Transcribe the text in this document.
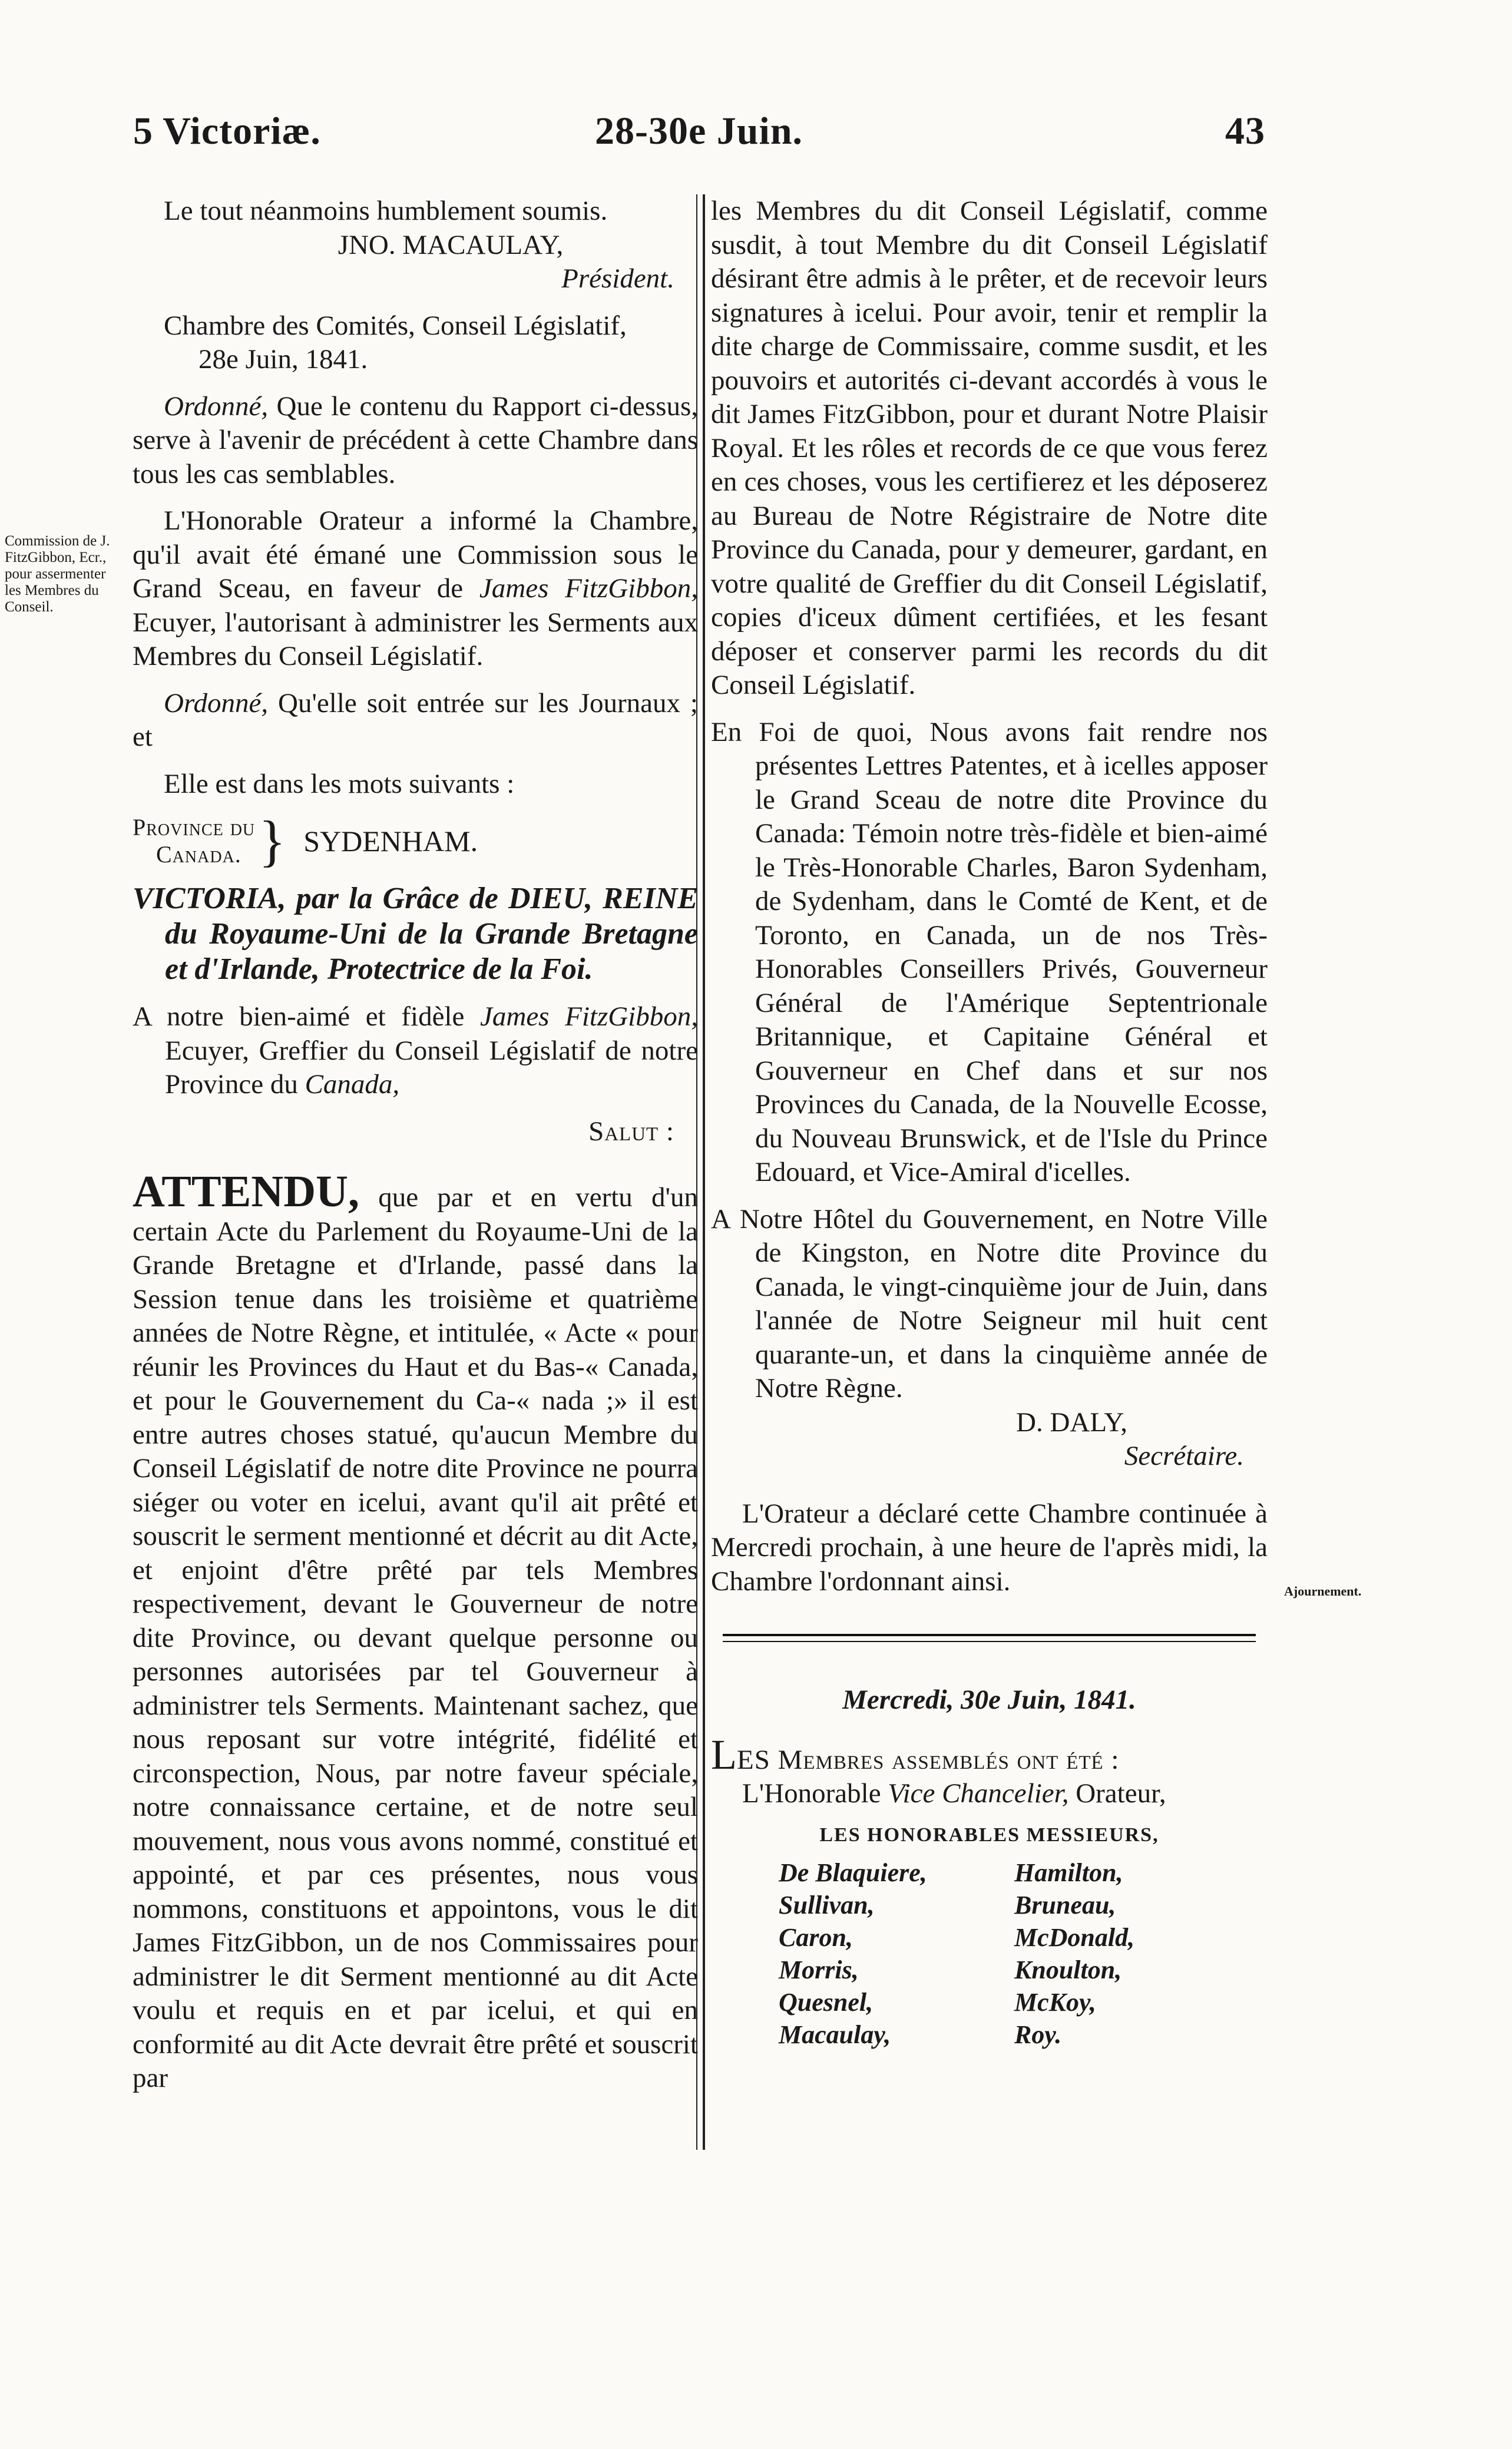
5 Victoriæ.	28-30e Juin.	43
Commission de J. FitzGibbon, Ecr., pour assermenter les Membres du Conseil.
Ajournement.

Le tout néanmoins humblement soumis.

JNO. MACAULAY,

Président.

Chambre des Comités, Conseil Législatif,

28e Juin, 1841.

Ordonné, Que le contenu du Rapport ci-dessus, serve à l'avenir de précédent à cette Chambre dans tous les cas semblables.

L'Honorable Orateur a informé la Chambre, qu'il avait été émané une Commission sous le Grand Sceau, en faveur de James FitzGibbon, Ecuyer, l'autorisant à administrer les Serments aux Membres du Conseil Législatif.

Ordonné, Qu'elle soit entrée sur les Journaux ; et

Elle est dans les mots suivants :

Province du
Canada. } SYDENHAM.

VICTORIA, par la Grâce de DIEU, REINE du Royaume-Uni de la Grande Bretagne et d'Irlande, Protectrice de la Foi.

A notre bien-aimé et fidèle James FitzGibbon, Ecuyer, Greffier du Conseil Législatif de notre Province du Canada,

Salut :

ATTENDU, que par et en vertu d'un certain Acte du Parlement du Royaume-Uni de la Grande Bretagne et d'Irlande, passé dans la Session tenue dans les troisième et quatrième années de Notre Règne, et intitulée, « Acte « pour réunir les Provinces du Haut et du Bas-« Canada, et pour le Gouvernement du Ca-« nada ;» il est entre autres choses statué, qu'aucun Membre du Conseil Législatif de notre dite Province ne pourra siéger ou voter en icelui, avant qu'il ait prêté et souscrit le serment mentionné et décrit au dit Acte, et enjoint d'être prêté par tels Membres respectivement, devant le Gouverneur de notre dite Province, ou devant quelque personne ou personnes autorisées par tel Gouverneur à administrer tels Serments. Maintenant sachez, que nous reposant sur votre intégrité, fidélité et circonspection, Nous, par notre faveur spéciale, notre connaissance certaine, et de notre seul mouvement, nous vous avons nommé, constitué et appointé, et par ces présentes, nous vous nommons, constituons et appointons, vous le dit James FitzGibbon, un de nos Commissaires pour administrer le dit Serment mentionné au dit Acte voulu et requis en et par icelui, et qui en conformité au dit Acte devrait être prêté et souscrit par

les Membres du dit Conseil Législatif, comme susdit, à tout Membre du dit Conseil Législatif désirant être admis à le prêter, et de recevoir leurs signatures à icelui. Pour avoir, tenir et remplir la dite charge de Commissaire, comme susdit, et les pouvoirs et autorités ci-devant accordés à vous le dit James FitzGibbon, pour et durant Notre Plaisir Royal. Et les rôles et records de ce que vous ferez en ces choses, vous les certifierez et les déposerez au Bureau de Notre Régistraire de Notre dite Province du Canada, pour y demeurer, gardant, en votre qualité de Greffier du dit Conseil Législatif, copies d'iceux dûment certifiées, et les fesant déposer et conserver parmi les records du dit Conseil Législatif.

En Foi de quoi, Nous avons fait rendre nos présentes Lettres Patentes, et à icelles apposer le Grand Sceau de notre dite Province du Canada: Témoin notre très-fidèle et bien-aimé le Très-Honorable Charles, Baron Sydenham, de Sydenham, dans le Comté de Kent, et de Toronto, en Canada, un de nos Très-Honorables Conseillers Privés, Gouverneur Général de l'Amérique Septentrionale Britannique, et Capitaine Général et Gouverneur en Chef dans et sur nos Provinces du Canada, de la Nouvelle Ecosse, du Nouveau Brunswick, et de l'Isle du Prince Edouard, et Vice-Amiral d'icelles.

A Notre Hôtel du Gouvernement, en Notre Ville de Kingston, en Notre dite Province du Canada, le vingt-cinquième jour de Juin, dans l'année de Notre Seigneur mil huit cent quarante-un, et dans la cinquième année de Notre Règne.

D. DALY,

Secrétaire.

L'Orateur a déclaré cette Chambre continuée à Mercredi prochain, à une heure de l'après midi, la Chambre l'ordonnant ainsi.

Mercredi, 30e Juin, 1841.

LES Membres assemblés ont été :

L'Honorable Vice Chancelier, Orateur,

LES HONORABLES MESSIEURS,

De Blaquiere,	Hamilton,
Sullivan,	Bruneau,
Caron,	McDonald,
Morris,	Knoulton,
Quesnel,	McKoy,
Macaulay,	Roy.
